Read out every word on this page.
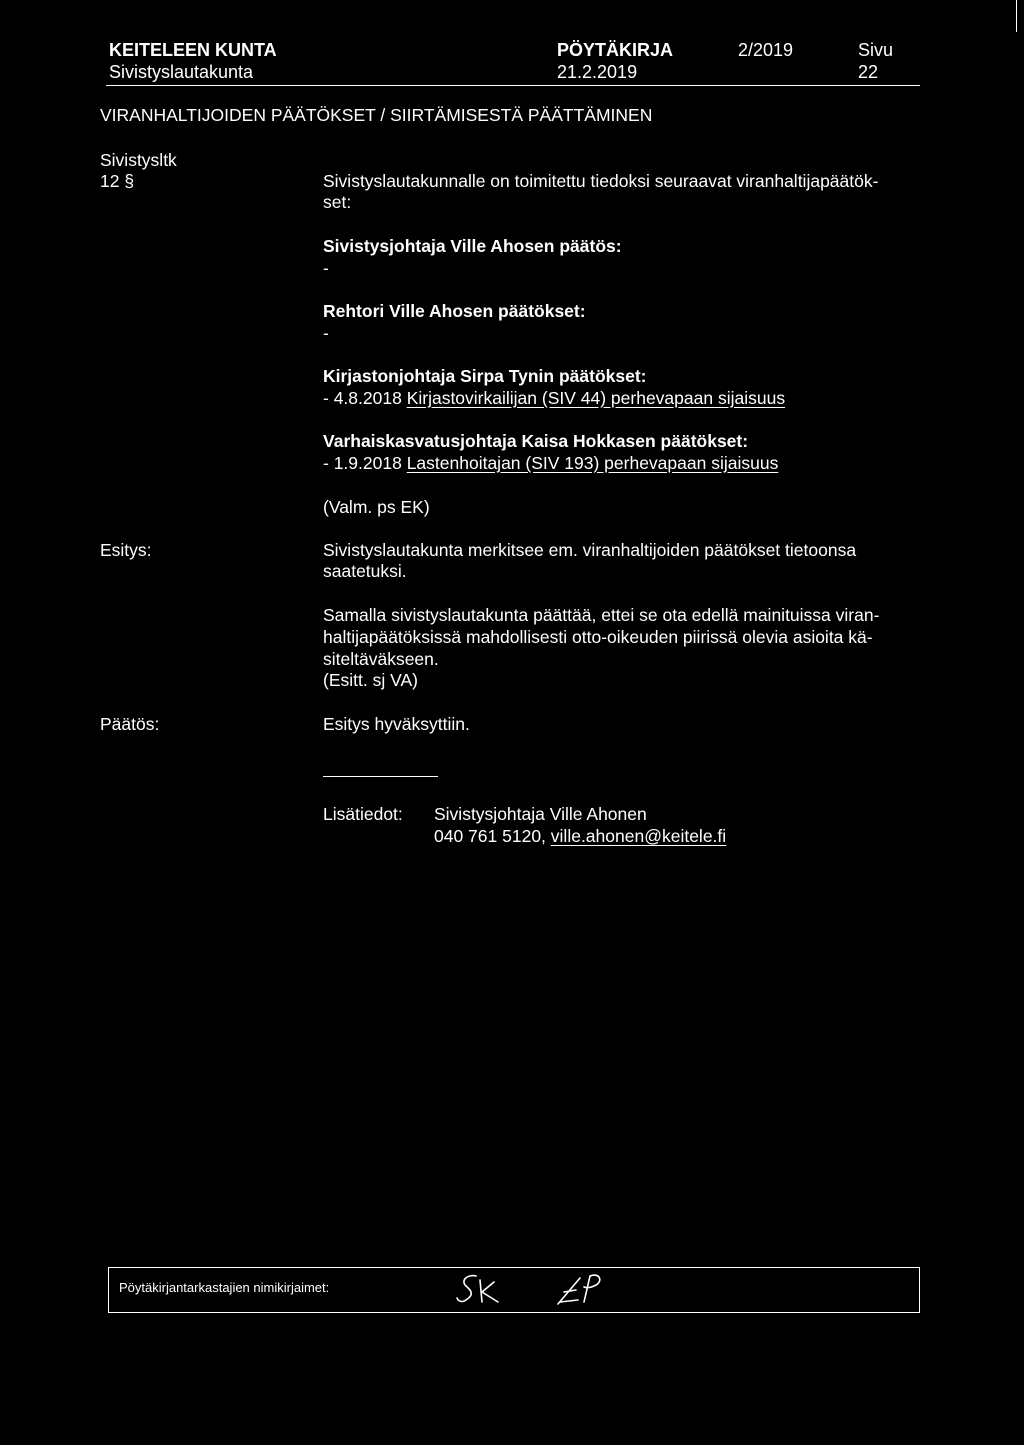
KEITELEEN KUNTA
Sivistyslautakunta
PÖYTÄKIRJA
21.2.2019
2/2019	Sivu
22
VIRANHALTIJOIDEN PÄÄTÖKSET / SIIRTÄMISESTÄ PÄÄTTÄMINEN
Sivistysltk
12 §	Sivistyslautakunnalle on toimitettu tiedoksi seuraavat viranhaltijapäätök-
set:
Sivistysjohtaja Ville Ahosen päätös:
-
Rehtori Ville Ahosen päätökset:
-
Kirjastonjohtaja Sirpa Tynin päätökset:
- 4.8.2018 Kirjastovirkailijan (SIV 44) perhevapaan sijaisuus
Varhaiskasvatusjohtaja Kaisa Hokkasen päätökset:
- 1.9.2018 Lastenhoitajan (SIV 193) perhevapaan sijaisuus
(Valm. ps EK)
Esitys:	Sivistyslautakunta merkitsee em. viranhaltijoiden päätökset tietoonsa
saatetuksi.
Samalla sivistyslautakunta päättää, ettei se ota edellä mainituissa viran-
haltijapäätöksissä mahdollisesti otto-oikeuden piirissä olevia asioita kä-
siteltäväkseen.
(Esitt. sj VA)
Päätös:	Esitys hyväksyttiin.
Lisätiedot: Sivistysjohtaja Ville Ahonen
040 761 5120, ville.ahonen@keitele.fi
Pöytäkirjantarkastajien nimikirjaimet:
